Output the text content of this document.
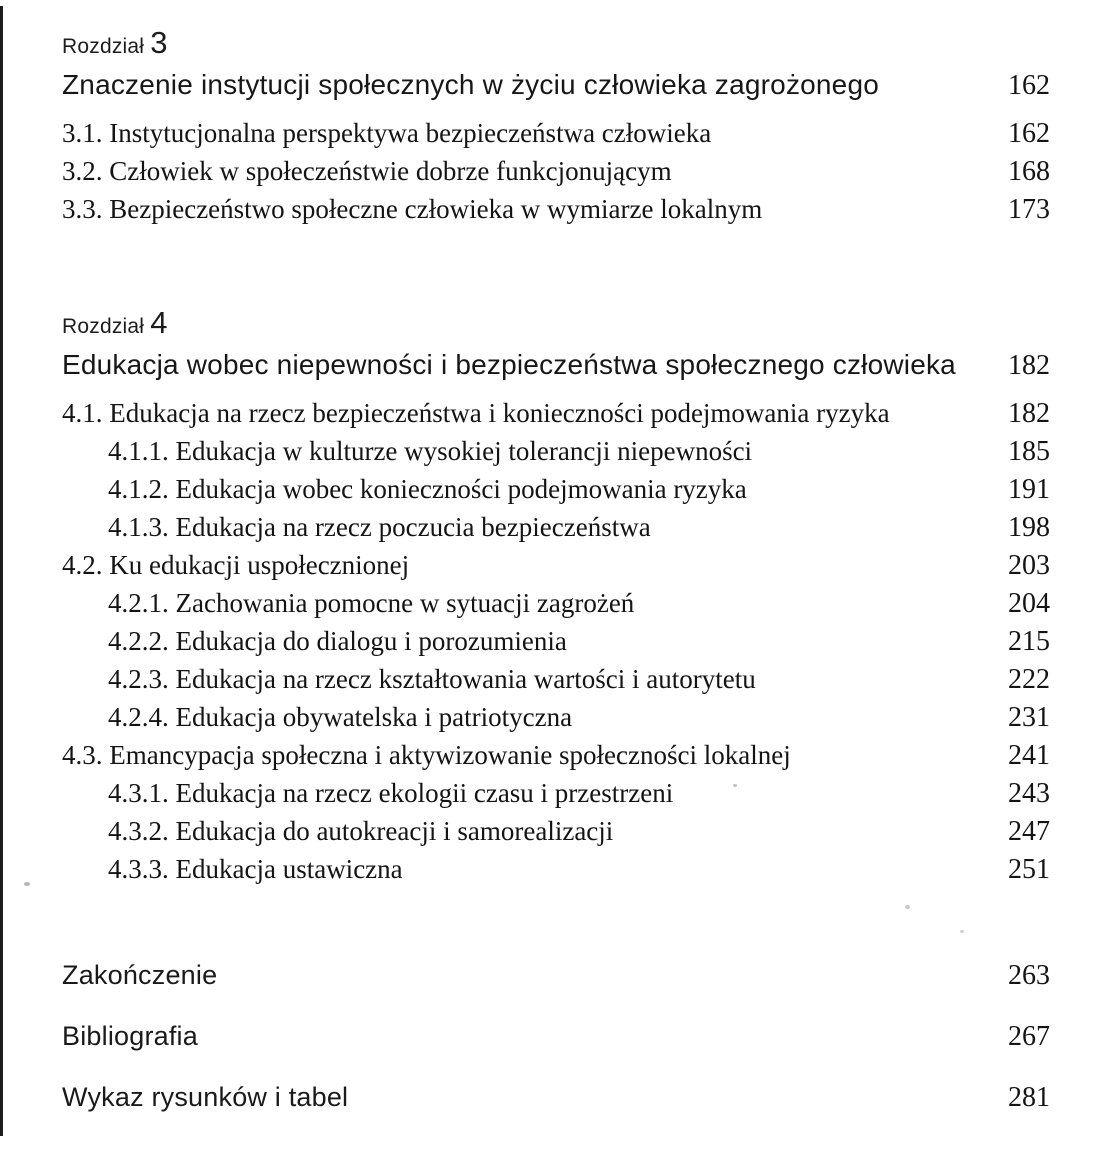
Rozdział 3
Znaczenie instytucji społecznych w życiu człowieka zagrożonego	162
3.1. Instytucjonalna perspektywa bezpieczeństwa człowieka	162
3.2. Człowiek w społeczeństwie dobrze funkcjonującym	168
3.3. Bezpieczeństwo społeczne człowieka w wymiarze lokalnym	173
Rozdział 4
Edukacja wobec niepewności i bezpieczeństwa społecznego człowieka	182
4.1. Edukacja na rzecz bezpieczeństwa i konieczności podejmowania ryzyka	182
4.1.1. Edukacja w kulturze wysokiej tolerancji niepewności	185
4.1.2. Edukacja wobec konieczności podejmowania ryzyka	191
4.1.3. Edukacja na rzecz poczucia bezpieczeństwa	198
4.2. Ku edukacji uspołecznionej	203
4.2.1. Zachowania pomocne w sytuacji zagrożeń	204
4.2.2. Edukacja do dialogu i porozumienia	215
4.2.3. Edukacja na rzecz kształtowania wartości i autorytetu	222
4.2.4. Edukacja obywatelska i patriotyczna	231
4.3. Emancypacja społeczna i aktywizowanie społeczności lokalnej	241
4.3.1. Edukacja na rzecz ekologii czasu i przestrzeni	243
4.3.2. Edukacja do autokreacji i samorealizacji	247
4.3.3. Edukacja ustawiczna	251
Zakończenie	263
Bibliografia	267
Wykaz rysunków i tabel	281
